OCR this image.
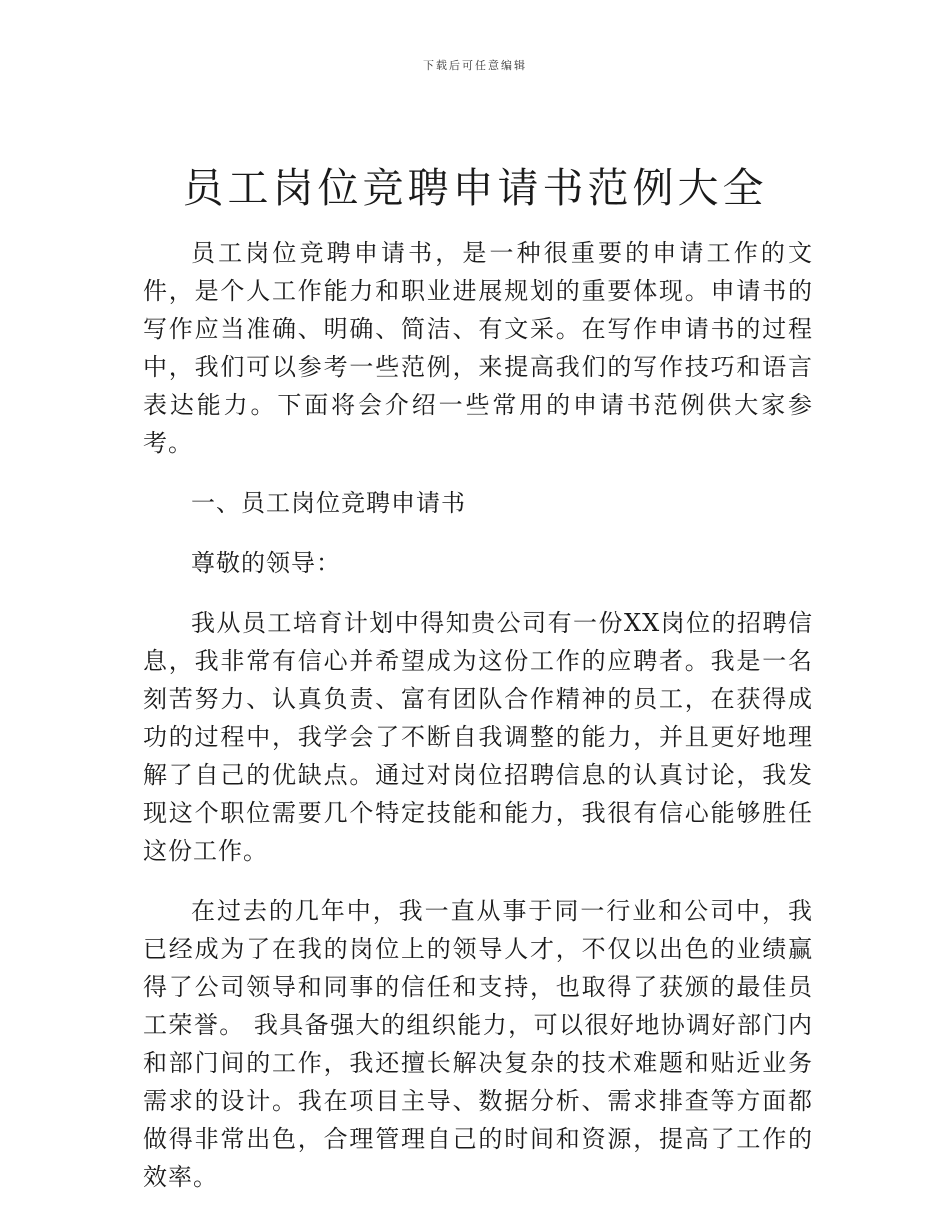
下载后可任意编辑
员工岗位竞聘申请书范例大全

员工岗位竞聘申请书，是一种很重要的申请工作的文件，是个人工作能力和职业进展规划的重要体现。申请书的写作应当准确、明确、简洁、有文采。在写作申请书的过程中，我们可以参考一些范例，来提高我们的写作技巧和语言表达能力。下面将会介绍一些常用的申请书范例供大家参考。

一、员工岗位竞聘申请书

尊敬的领导：

我从员工培育计划中得知贵公司有一份XX岗位的招聘信息，我非常有信心并希望成为这份工作的应聘者。我是一名刻苦努力、认真负责、富有团队合作精神的员工，在获得成功的过程中，我学会了不断自我调整的能力，并且更好地理解了自己的优缺点。通过对岗位招聘信息的认真讨论，我发现这个职位需要几个特定技能和能力，我很有信心能够胜任这份工作。

在过去的几年中，我一直从事于同一行业和公司中，我已经成为了在我的岗位上的领导人才，不仅以出色的业绩赢得了公司领导和同事的信任和支持，也取得了获颁的最佳员工荣誉。 我具备强大的组织能力，可以很好地协调好部门内和部门间的工作，我还擅长解决复杂的技术难题和贴近业务需求的设计。我在项目主导、数据分析、需求排查等方面都做得非常出色，合理管理自己的时间和资源，提高了工作的效率。
